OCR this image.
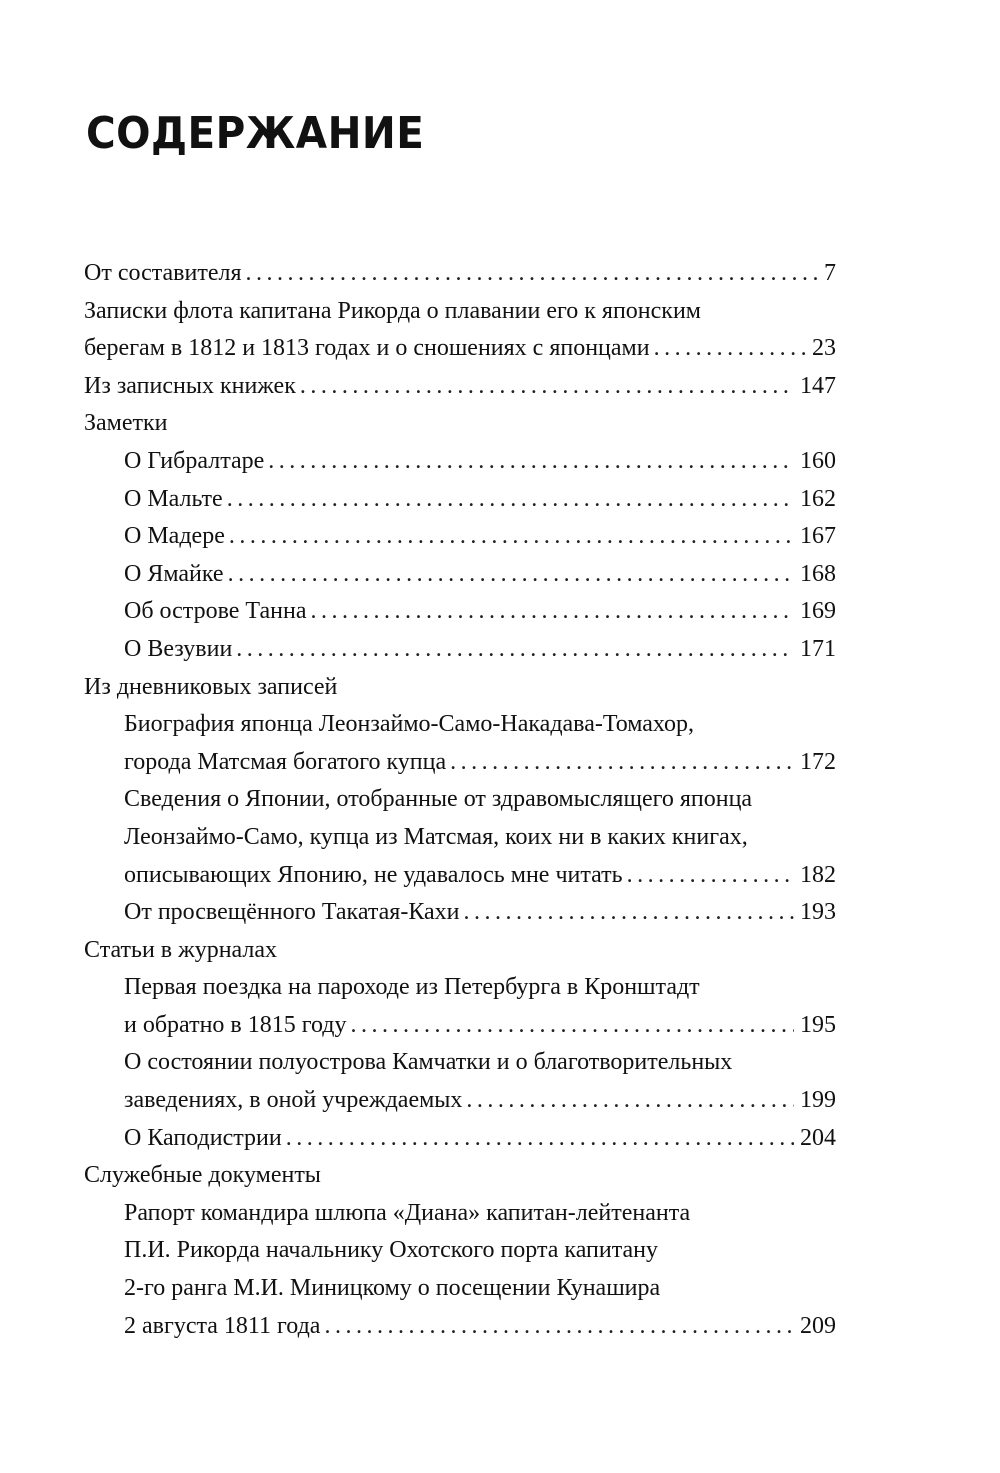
СОДЕРЖАНИЕ
От составителя .....	7
Записки флота капитана Рикорда о плавании его к японским
берегам в 1812 и 1813 годах и о сношениях с японцами .....	23
Из записных книжек .....	147
Заметки
О Гибралтаре .....	160
О Мальте .....	162
О Мадере .....	167
О Ямайке .....	168
Об острове Танна .....	169
О Везувии .....	171
Из дневниковых записей
Биография японца Леонзаймо-Само-Накадава-Томахор,
города Матсмая богатого купца .....	172
Сведения о Японии, отобранные от здравомыслящего японца
Леонзаймо-Само, купца из Матсмая, коих ни в каких книгах,
описывающих Японию, не удавалось мне читать .....	182
От просвещённого Такатая-Кахи .....	193
Статьи в журналах
Первая поездка на пароходе из Петербурга в Кронштадт
и обратно в 1815 году .....	195
О состоянии полуострова Камчатки и о благотворительных
заведениях, в оной учреждаемых .....	199
О Каподистрии .....	204
Служебные документы
Рапорт командира шлюпа «Диана» капитан-лейтенанта
П.И. Рикорда начальнику Охотского порта капитану
2-го ранга М.И. Миницкому о посещении Кунашира
2 августа 1811 года .....	209
